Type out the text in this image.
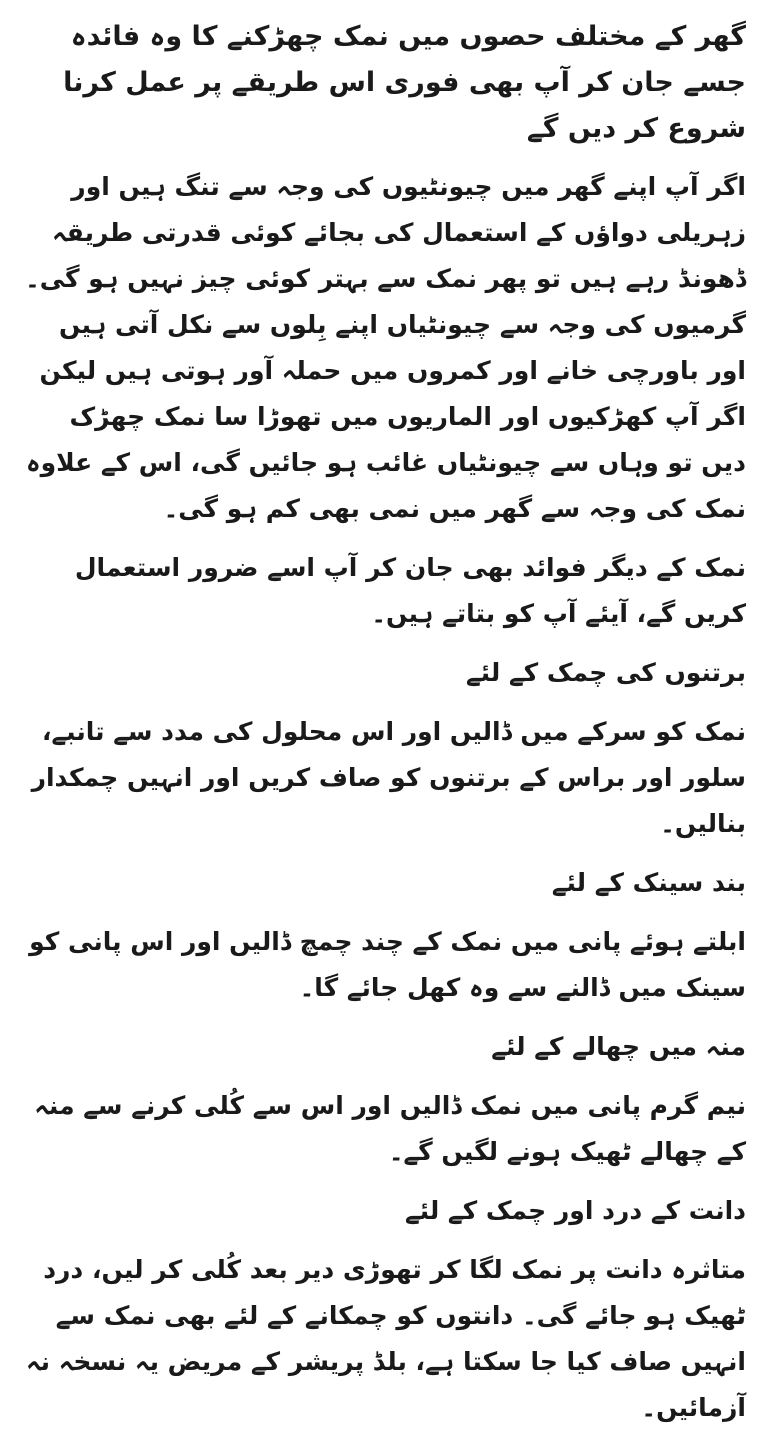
گھر کے مختلف حصوں میں نمک چھڑکنے کا وہ فائدہ جسے جان کر آپ بھی فوری اس طریقے پر عمل کرنا شروع کر دیں گے

اگر آپ اپنے گھر میں چیونٹیوں کی وجہ سے تنگ ہیں اور زہریلی دواؤں کے استعمال کی بجائے کوئی قدرتی طریقہ ڈھونڈ رہے ہیں تو پھر نمک سے بہتر کوئی چیز نہیں ہو گی۔ گرمیوں کی وجہ سے چیونٹیاں اپنے بِلوں سے نکل آتی ہیں اور باورچی خانے اور کمروں میں حملہ آور ہوتی ہیں لیکن اگر آپ کھڑکیوں اور الماریوں میں تھوڑا سا نمک چھڑک دیں تو وہاں سے چیونٹیاں غائب ہو جائیں گی، اس کے علاوہ نمک کی وجہ سے گھر میں نمی بھی کم ہو گی۔

نمک کے دیگر فوائد بھی جان کر آپ اسے ضرور استعمال کریں گے، آیئے آپ کو بتاتے ہیں۔

برتنوں کی چمک کے لئے

نمک کو سرکے میں ڈالیں اور اس محلول کی مدد سے تانبے، سلور اور براس کے برتنوں کو صاف کریں اور انہیں چمکدار بنالیں۔

بند سینک کے لئے

ابلتے ہوئے پانی میں نمک کے چند چمچ ڈالیں اور اس پانی کو سینک میں ڈالنے سے وہ کھل جائے گا۔

منہ میں چھالے کے لئے

نیم گرم پانی میں نمک ڈالیں اور اس سے کُلی کرنے سے منہ کے چھالے ٹھیک ہونے لگیں گے۔

دانت کے درد اور چمک کے لئے

متاثرہ دانت پر نمک لگا کر تھوڑی دیر بعد کُلی کر لیں، درد ٹھیک ہو جائے گی۔ دانتوں کو چمکانے کے لئے بھی نمک سے انہیں صاف کیا جا سکتا ہے، بلڈ پریشر کے مریض یہ نسخہ نہ آزمائیں۔
